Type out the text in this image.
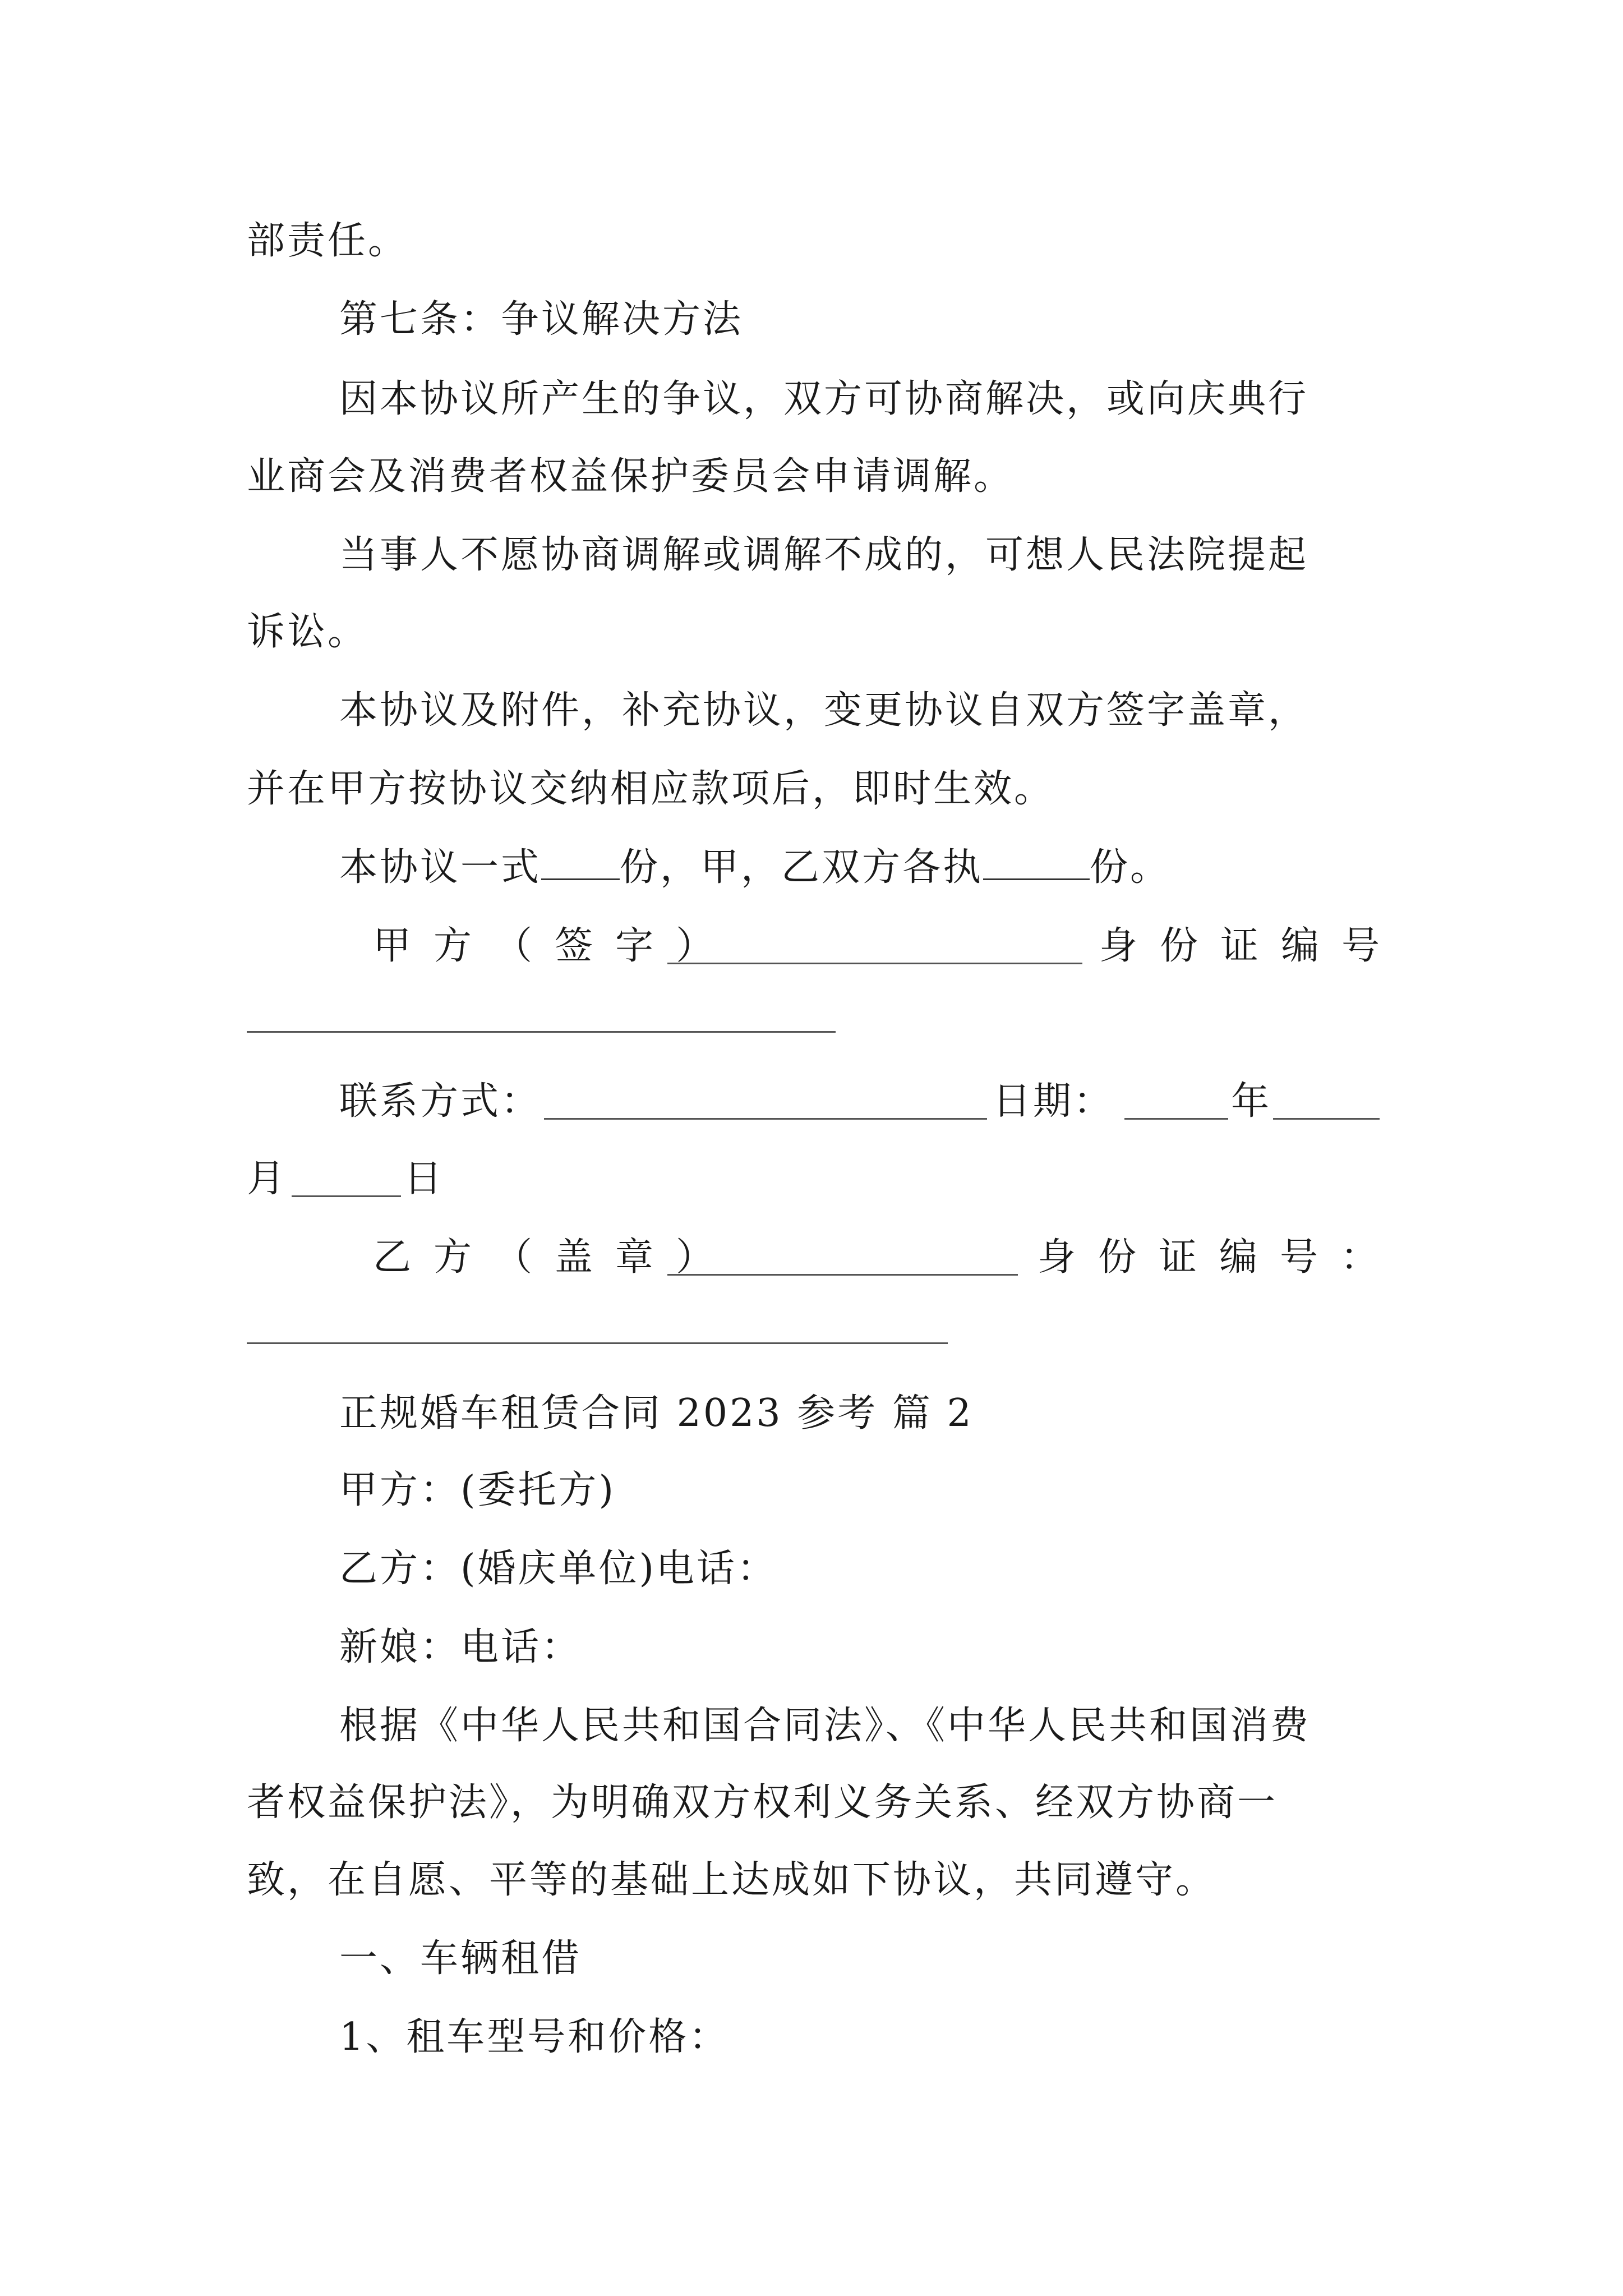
部责任。
第七条：争议解决方法
因本协议所产生的争议，双方可协商解决，或向庆典行
业商会及消费者权益保护委员会申请调解。
当事人不愿协商调解或调解不成的，可想人民法院提起
诉讼。
本协议及附件，补充协议，变更协议自双方签字盖章，
并在甲方按协议交纳相应款项后，即时生效。
本协议一式 份，甲，乙双方各执	份。
甲方（签字）	身份证编号
联系方式：	日期：	年
月	日
乙方（盖章）	身份证编号：
正规婚车租赁合同 2023 参考 篇 2
甲方：(委托方)
乙方：(婚庆单位)电话：
新娘：电话：
根据《中华人民共和国合同法》、《中华人民共和国消费
者权益保护法》，为明确双方权利义务关系、经双方协商一
致，在自愿、平等的基础上达成如下协议，共同遵守。
一、车辆租借
1、租车型号和价格：
